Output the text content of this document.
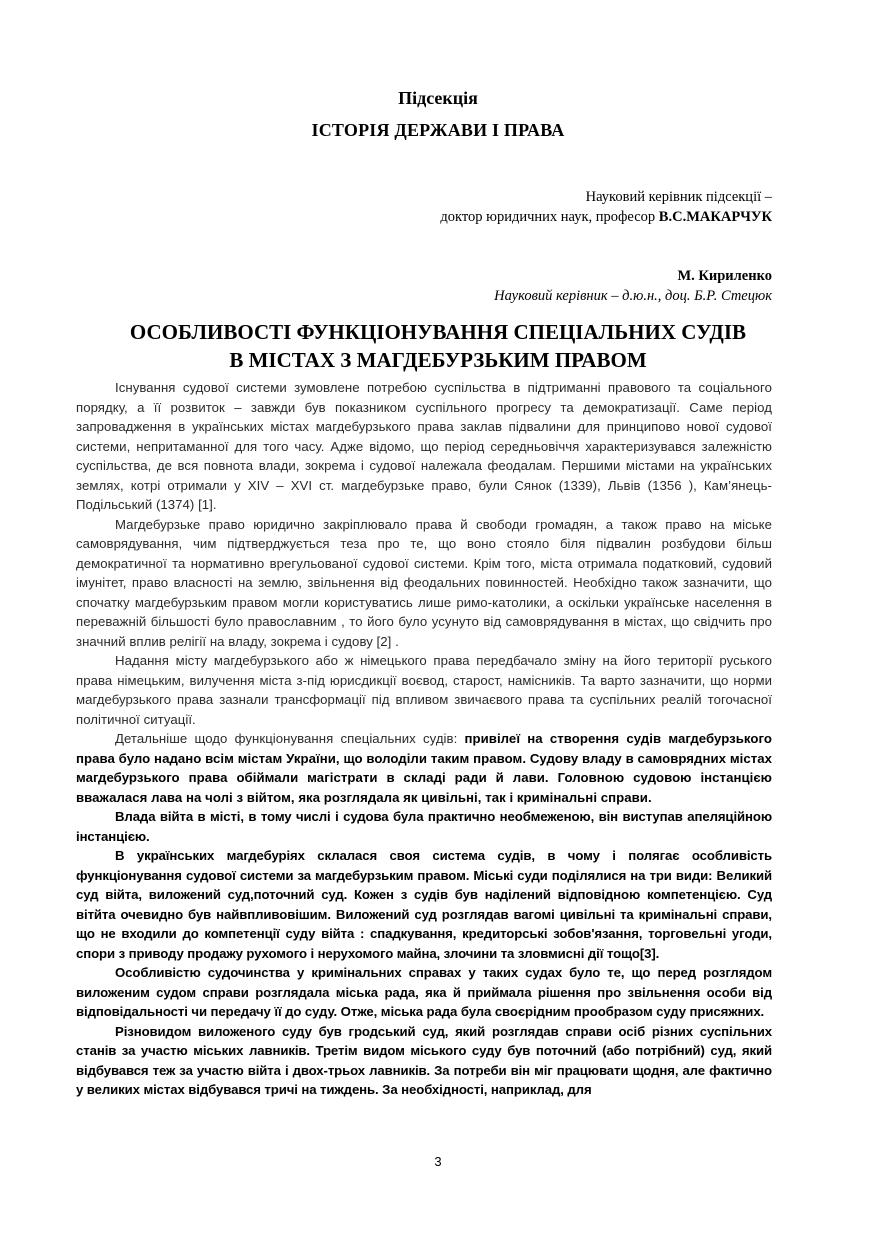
Підсекція
ІСТОРІЯ ДЕРЖАВИ І ПРАВА
Науковий керівник підсекції –
доктор юридичних наук, професор В.С.МАКАРЧУК
М. Кириленко
Науковий керівник – д.ю.н., доц. Б.Р. Стецюк
ОСОБЛИВОСТІ ФУНКЦІОНУВАННЯ СПЕЦІАЛЬНИХ СУДІВ
В МІСТАХ З МАГДЕБУРЗЬКИМ ПРАВОМ

Існування судової системи зумовлене потребою суспільства в підтриманні правового та соціального порядку, а її розвиток – завжди був показником суспільного прогресу та демократизації. Саме період запровадження в українських містах магдебурзького права заклав підвалини для принципово нової судової системи, непритаманної для того часу. Адже відомо, що період середньовіччя характеризувався залежністю суспільства, де вся повнота влади, зокрема і судової належала феодалам. Першими містами на українських землях, котрі отримали у XIV – XVI ст. магдебурзьке право, були Сянок (1339), Львів (1356 ), Кам’янець-Подільський (1374) [1].

Магдебурзьке право юридично закріплювало права й свободи громадян, а також право на міське самоврядування, чим підтверджується теза про те, що воно стояло біля підвалин розбудови більш демократичної та нормативно врегульованої судової системи. Крім того, міста отримала податковий, судовий імунітет, право власності на землю, звільнення від феодальних повинностей. Необхідно також зазначити, що спочатку магдебурзьким правом могли користуватись лише римо-католики, а оскільки українське населення в переважній більшості було православним , то його було усунуто від самоврядування в містах, що свідчить про значний вплив релігії на владу, зокрема і судову [2] .

Надання місту магдебурзького або ж німецького права передбачало зміну на його території руського права німецьким, вилучення міста з-під юрисдикції воєвод, старост, намісників. Та варто зазначити, що норми магдебурзького права зазнали трансформації під впливом звичаєвого права та суспільних реалій тогочасної політичної ситуації.

Детальніше щодо функціонування спеціальних судів: привілеї на створення судів магдебурзького права було надано всім містам України, що володіли таким правом. Судову владу в самоврядних містах магдебурзького права обіймали магістрати в складі ради й лави. Головною судовою інстанцією вважалася лава на чолі з війтом, яка розглядала як цивільні, так і кримінальні справи.

Влада війта в місті, в тому числі і судова була практично необмеженою, він виступав апеляційною інстанцією.

В українських магдебуріях склалася своя система судів, в чому і полягає особливість функціонування судової системи за магдебурзьким правом. Міські суди поділялися на три види: Великий суд війта, виложений суд,поточний суд. Кожен з судів був наділений відповідною компетенцією. Суд вітйта очевидно був найвпливовішим. Виложений суд розглядав вагомі цивільні та кримінальні справи, що не входили до компетенції суду війта : спадкування, кредиторські зобов'язання, торговельні угоди, спори з приводу продажу рухомого і нерухомого майна, злочини та зловмисні дії тощо[3].

Особливістю судочинства у кримінальних справах у таких судах було те, що перед розглядом виложеним судом справи розглядала міська рада, яка й приймала рішення про звільнення особи від відповідальності чи передачу її до суду. Отже, міська рада була своєрідним прообразом суду присяжних.

Різновидом виложеного суду був гродський суд, який розглядав справи осіб різних суспільних станів за участю міських лавників. Третім видом міського суду був поточний (або потрібний) суд, який відбувався теж за участю війта і двох-трьох лавників. За потреби він міг працювати щодня, але фактично у великих містах відбувався тричі на тиждень. За необхідності, наприклад, для

3
